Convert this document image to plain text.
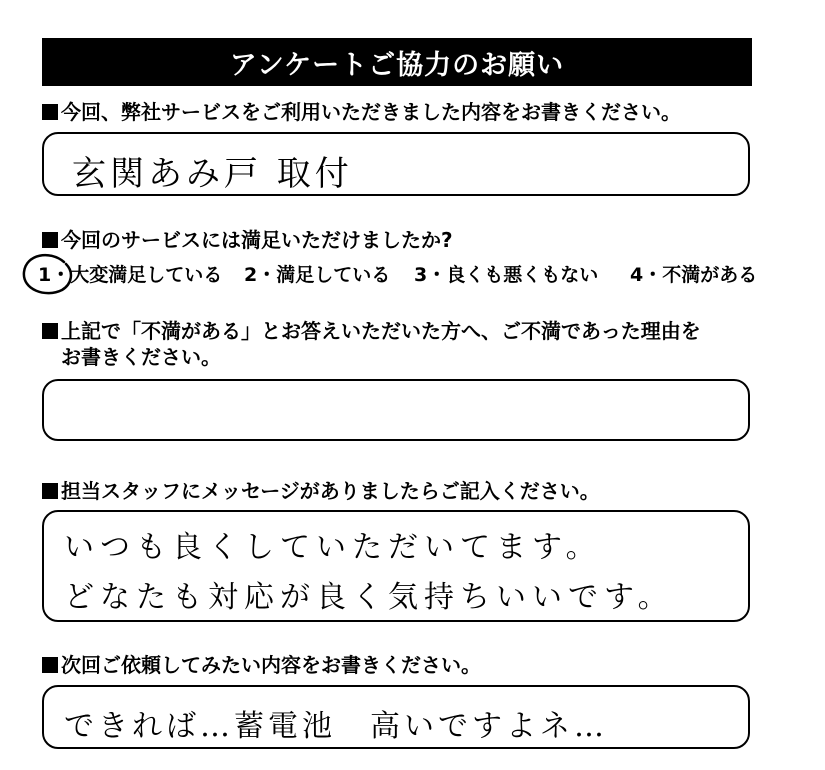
アンケートご協力のお願い
今回、弊社サービスをご利用いただきました内容をお書きください。
玄関あみ戸 取付
今回のサービスには満足いただけましたか?
1・大変満足している 2・満足している 3・良くも悪くもない 4・不満がある
上記で「不満がある」とお答えいただいた方へ、ご不満であった理由を
お書きください。
担当スタッフにメッセージがありましたらご記入ください。
いつも良くしていただいてます。
どなたも対応が良く気持ちいいです。
次回ご依頼してみたい内容をお書きください。
できれば…蓄電池　高いですよネ…
